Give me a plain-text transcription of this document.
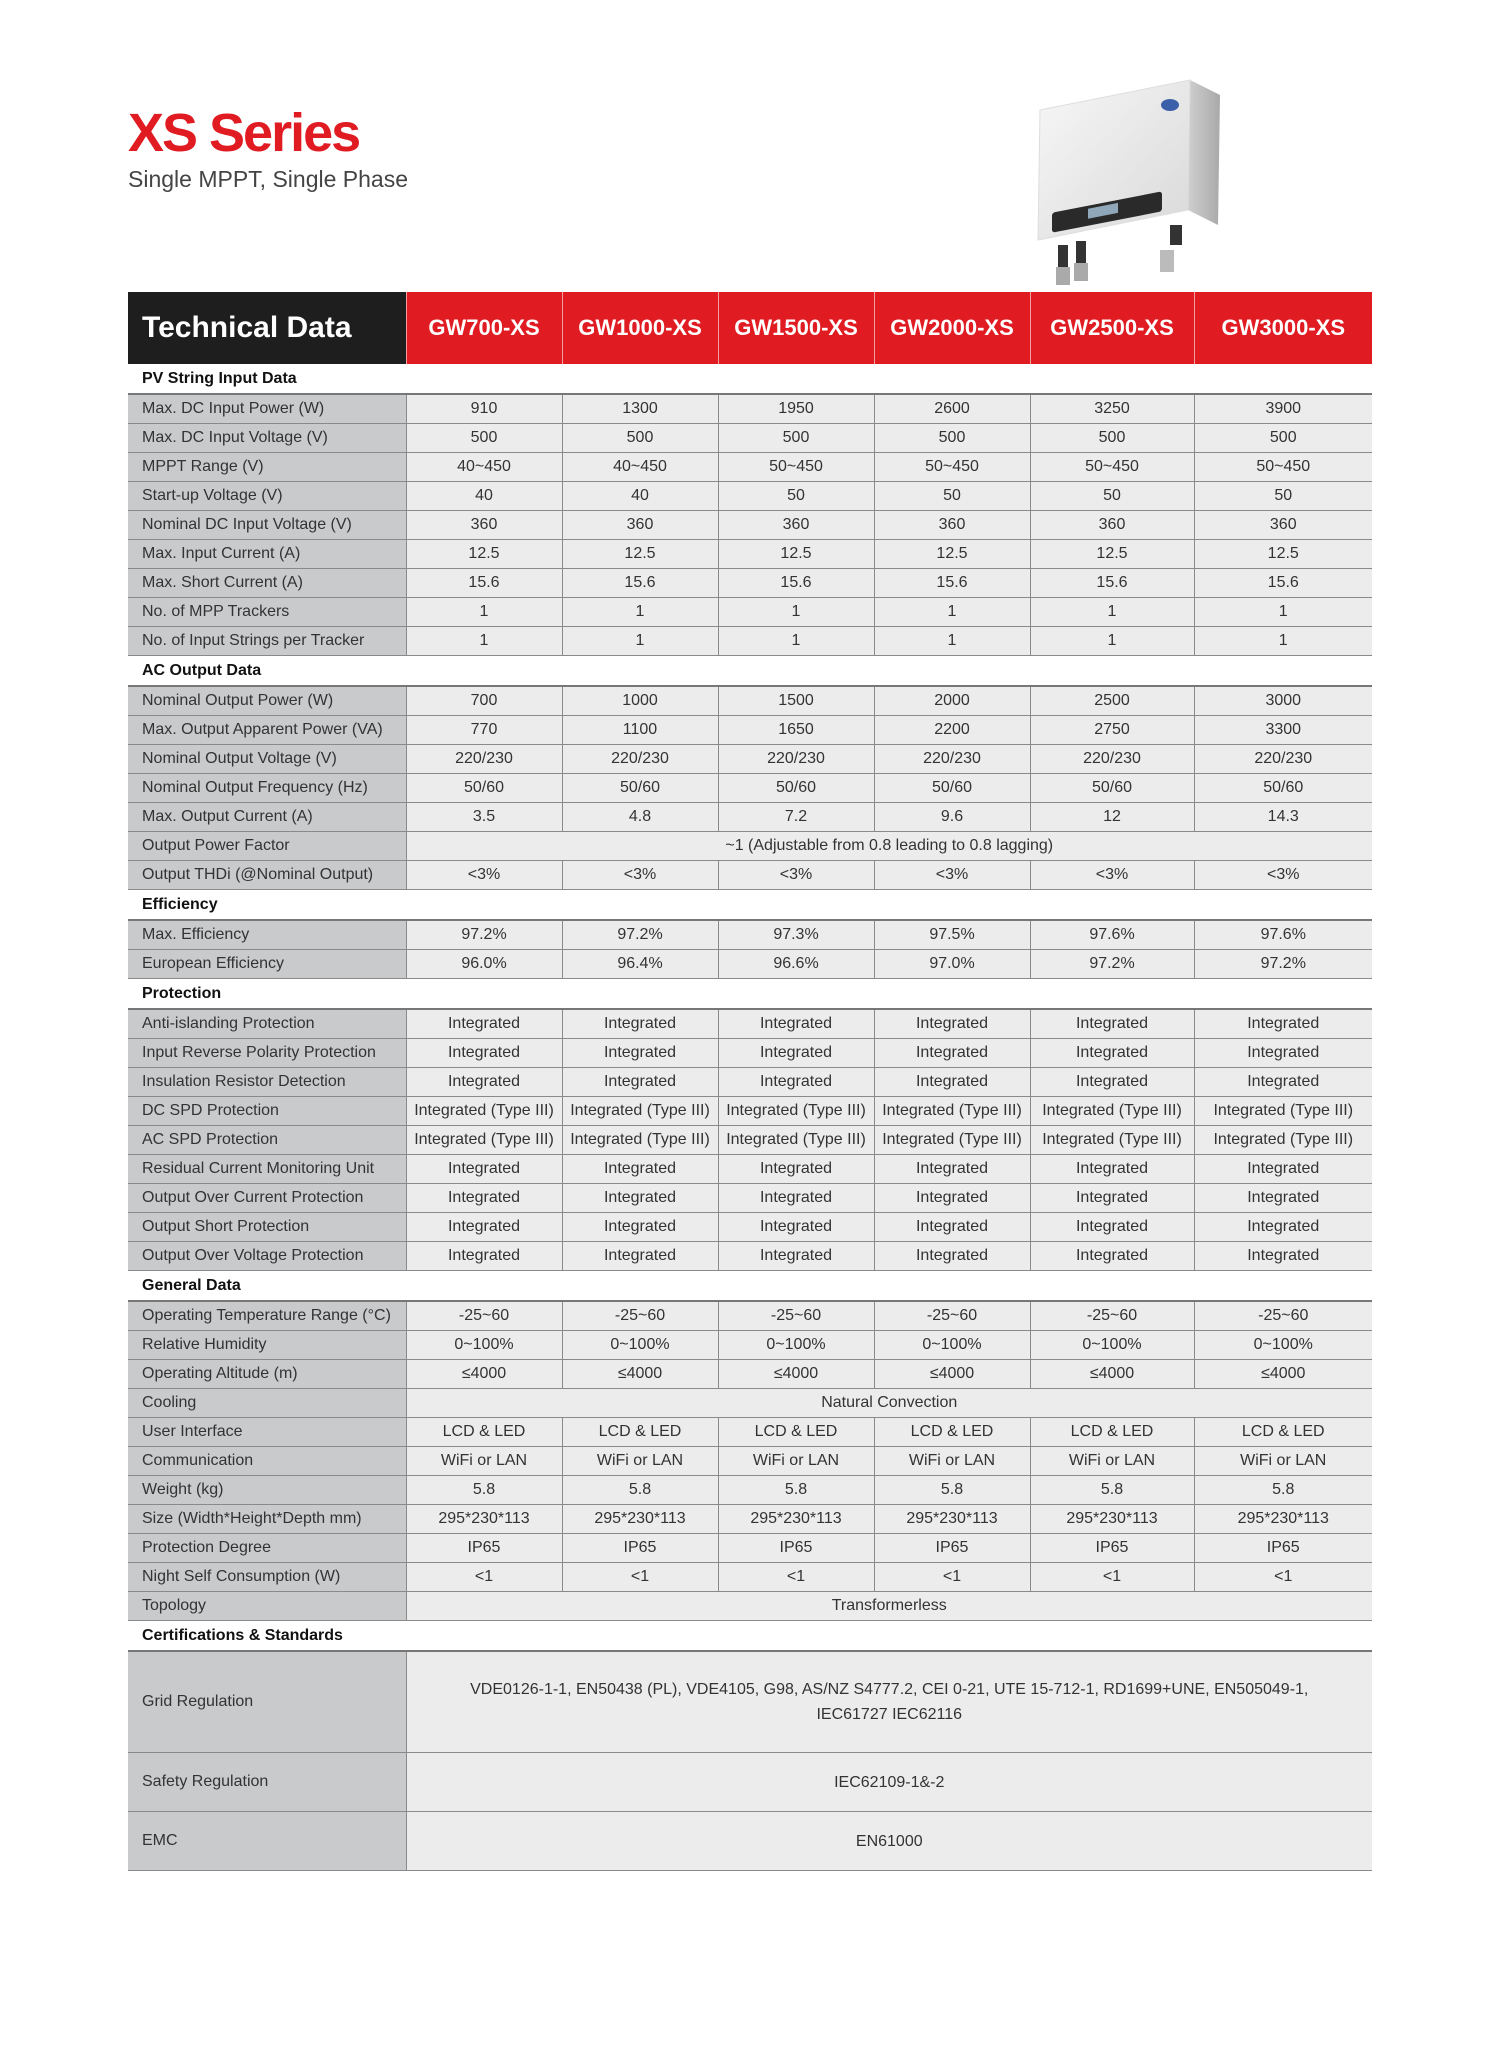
XS Series

Single MPPT, Single Phase

Technical Data	GW700-XS	GW1000-XS	GW1500-XS	GW2000-XS	GW2500-XS	GW3000-XS
PV String Input Data						
Max. DC Input Power (W)	910	1300	1950	2600	3250	3900
Max. DC Input Voltage (V)	500	500	500	500	500	500
MPPT Range (V)	40~450	40~450	50~450	50~450	50~450	50~450
Start-up Voltage (V)	40	40	50	50	50	50
Nominal DC Input Voltage (V)	360	360	360	360	360	360
Max. Input Current (A)	12.5	12.5	12.5	12.5	12.5	12.5
Max. Short Current (A)	15.6	15.6	15.6	15.6	15.6	15.6
No. of MPP Trackers	1	1	1	1	1	1
No. of Input Strings per Tracker	1	1	1	1	1	1
AC Output Data						
Nominal Output Power (W)	700	1000	1500	2000	2500	3000
Max. Output Apparent Power (VA)	770	1100	1650	2200	2750	3300
Nominal Output Voltage (V)	220/230	220/230	220/230	220/230	220/230	220/230
Nominal Output Frequency (Hz)	50/60	50/60	50/60	50/60	50/60	50/60
Max. Output Current (A)	3.5	4.8	7.2	9.6	12	14.3
Output Power Factor	~1 (Adjustable from 0.8 leading to 0.8 lagging)					
Output THDi (@Nominal Output)	<3%	<3%	<3%	<3%	<3%	<3%
Efficiency						
Max. Efficiency	97.2%	97.2%	97.3%	97.5%	97.6%	97.6%
European Efficiency	96.0%	96.4%	96.6%	97.0%	97.2%	97.2%
Protection						
Anti-islanding Protection	Integrated	Integrated	Integrated	Integrated	Integrated	Integrated
Input Reverse Polarity Protection	Integrated	Integrated	Integrated	Integrated	Integrated	Integrated
Insulation Resistor Detection	Integrated	Integrated	Integrated	Integrated	Integrated	Integrated
DC SPD Protection	Integrated (Type III)	Integrated (Type III)	Integrated (Type III)	Integrated (Type III)	Integrated (Type III)	Integrated (Type III)
AC SPD Protection	Integrated (Type III)	Integrated (Type III)	Integrated (Type III)	Integrated (Type III)	Integrated (Type III)	Integrated (Type III)
Residual Current Monitoring Unit	Integrated	Integrated	Integrated	Integrated	Integrated	Integrated
Output Over Current Protection	Integrated	Integrated	Integrated	Integrated	Integrated	Integrated
Output Short Protection	Integrated	Integrated	Integrated	Integrated	Integrated	Integrated
Output Over Voltage Protection	Integrated	Integrated	Integrated	Integrated	Integrated	Integrated
General Data						
Operating Temperature Range (°C)	-25~60	-25~60	-25~60	-25~60	-25~60	-25~60
Relative Humidity	0~100%	0~100%	0~100%	0~100%	0~100%	0~100%
Operating Altitude (m)	≤4000	≤4000	≤4000	≤4000	≤4000	≤4000
Cooling	Natural Convection					
User Interface	LCD & LED	LCD & LED	LCD & LED	LCD & LED	LCD & LED	LCD & LED
Communication	WiFi or LAN	WiFi or LAN	WiFi or LAN	WiFi or LAN	WiFi or LAN	WiFi or LAN
Weight (kg)	5.8	5.8	5.8	5.8	5.8	5.8
Size (Width*Height*Depth mm)	295*230*113	295*230*113	295*230*113	295*230*113	295*230*113	295*230*113
Protection Degree	IP65	IP65	IP65	IP65	IP65	IP65
Night Self Consumption (W)	<1	<1	<1	<1	<1	<1
Topology	Transformerless					
Certifications & Standards						
Grid Regulation	VDE0126-1-1, EN50438 (PL), VDE4105, G98, AS/NZ S4777.2, CEI 0-21, UTE 15-712-1, RD1699+UNE, EN505049-1, IEC61727 IEC62116					
Safety Regulation	IEC62109-1&-2					
EMC	EN61000					
